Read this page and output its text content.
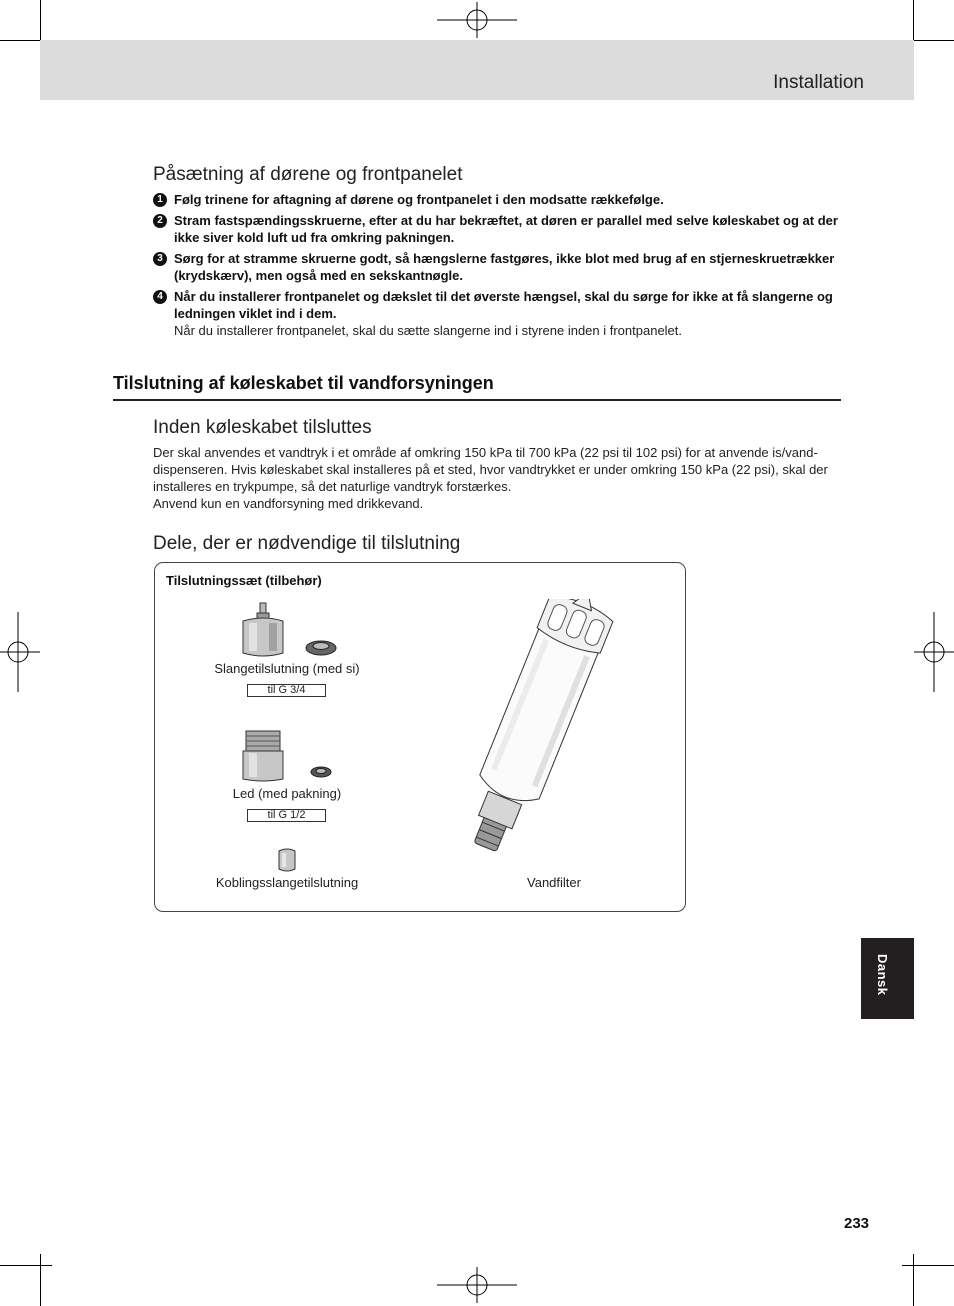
Installation
Påsætning af dørene og frontpanelet
1 Følg trinene for aftagning af dørene og frontpanelet i den modsatte rækkefølge.
2 Stram fastspændingsskruerne, efter at du har bekræftet, at døren er parallel med selve køleskabet og at der ikke siver kold luft ud fra omkring pakningen.
3 Sørg for at stramme skruerne godt, så hængslerne fastgøres, ikke blot med brug af en stjerneskruetrækker (krydskærv), men også med en sekskantnøgle.
4 Når du installerer frontpanelet og dækslet til det øverste hængsel, skal du sørge for ikke at få slangerne og ledningen viklet ind i dem.
Når du installerer frontpanelet, skal du sætte slangerne ind i styrene inden i frontpanelet.
Tilslutning af køleskabet til vandforsyningen
Inden køleskabet tilsluttes

Der skal anvendes et vandtryk i et område af omkring 150 kPa til 700 kPa (22 psi til 102 psi) for at anvende is/vand-dispenseren. Hvis køleskabet skal installeres på et sted, hvor vandtrykket er under omkring 150 kPa (22 psi), skal der installeres en trykpumpe, så det naturlige vandtryk forstærkes.

Anvend kun en vandforsyning med drikkevand.

Dele, der er nødvendige til tilslutning
Tilslutningssæt (tilbehør)
Slangetilslutning (med si)
til G 3/4
Led (med pakning)
til G 1/2
Koblingsslangetilslutning	Vandfilter
Dansk
233
